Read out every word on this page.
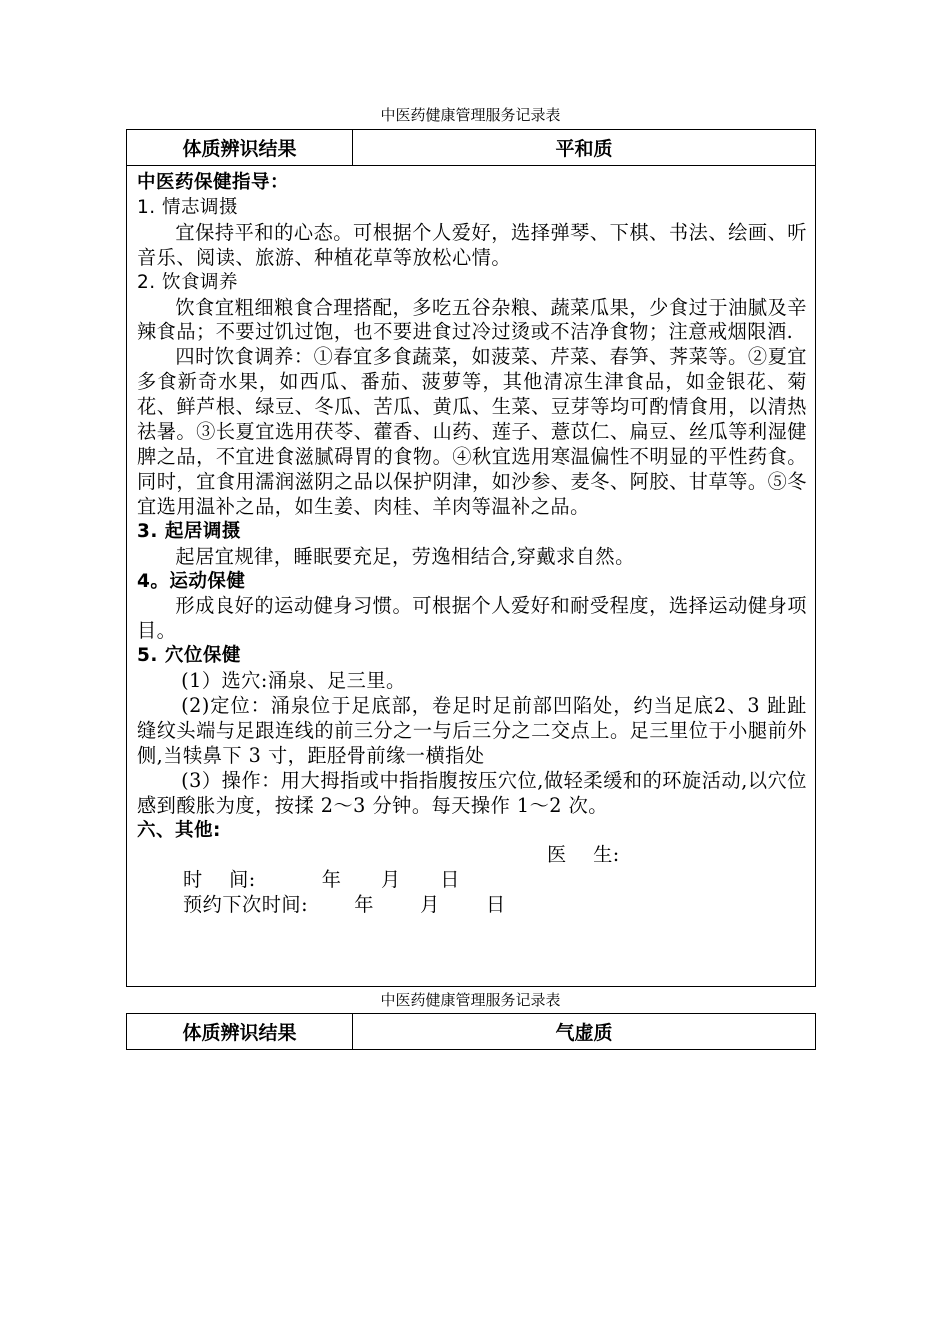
中医药健康管理服务记录表
体质辨识结果	平和质

中医药保健指导：

1. 情志调摄

宜保持平和的心态。可根据个人爱好，选择弹琴、下棋、书法、绘画、听音乐、阅读、旅游、种植花草等放松心情。

2. 饮食调养

饮食宜粗细粮食合理搭配，多吃五谷杂粮、蔬菜瓜果，少食过于油腻及辛辣食品；不要过饥过饱，也不要进食过冷过烫或不洁净食物；注意戒烟限酒.

四时饮食调养：①春宜多食蔬菜，如菠菜、芹菜、春笋、荠菜等。②夏宜多食新奇水果，如西瓜、番茄、菠萝等，其他清凉生津食品，如金银花、菊花、鲜芦根、绿豆、冬瓜、苦瓜、黄瓜、生菜、豆芽等均可酌情食用，以清热祛暑。③长夏宜选用茯苓、藿香、山药、莲子、薏苡仁、扁豆、丝瓜等利湿健脾之品，不宜进食滋腻碍胃的食物。④秋宜选用寒温偏性不明显的平性药食。同时，宜食用濡润滋阴之品以保护阴津，如沙参、麦冬、阿胶、甘草等。⑤冬宜选用温补之品，如生姜、肉桂、羊肉等温补之品。

3. 起居调摄

起居宜规律，睡眠要充足，劳逸相结合,穿戴求自然。

4。运动保健

形成良好的运动健身习惯。可根据个人爱好和耐受程度，选择运动健身项目。

5. 穴位保健

(1）选穴:涌泉、足三里。

(2)定位：涌泉位于足底部，卷足时足前部凹陷处，约当足底2、3 趾趾缝纹头端与足跟连线的前三分之一与后三分之二交点上。足三里位于小腿前外侧,当犊鼻下 3 寸，距胫骨前缘一横指处

(3）操作：用大拇指或中指指腹按压穴位,做轻柔缓和的环旋活动,以穴位感到酸胀为度，按揉 2～3 分钟。每天操作 1～2 次。

六、其他:

医    生:

时    间:          年      月      日

预约下次时间:       年       月       日

中医药健康管理服务记录表
体质辨识结果	气虚质
